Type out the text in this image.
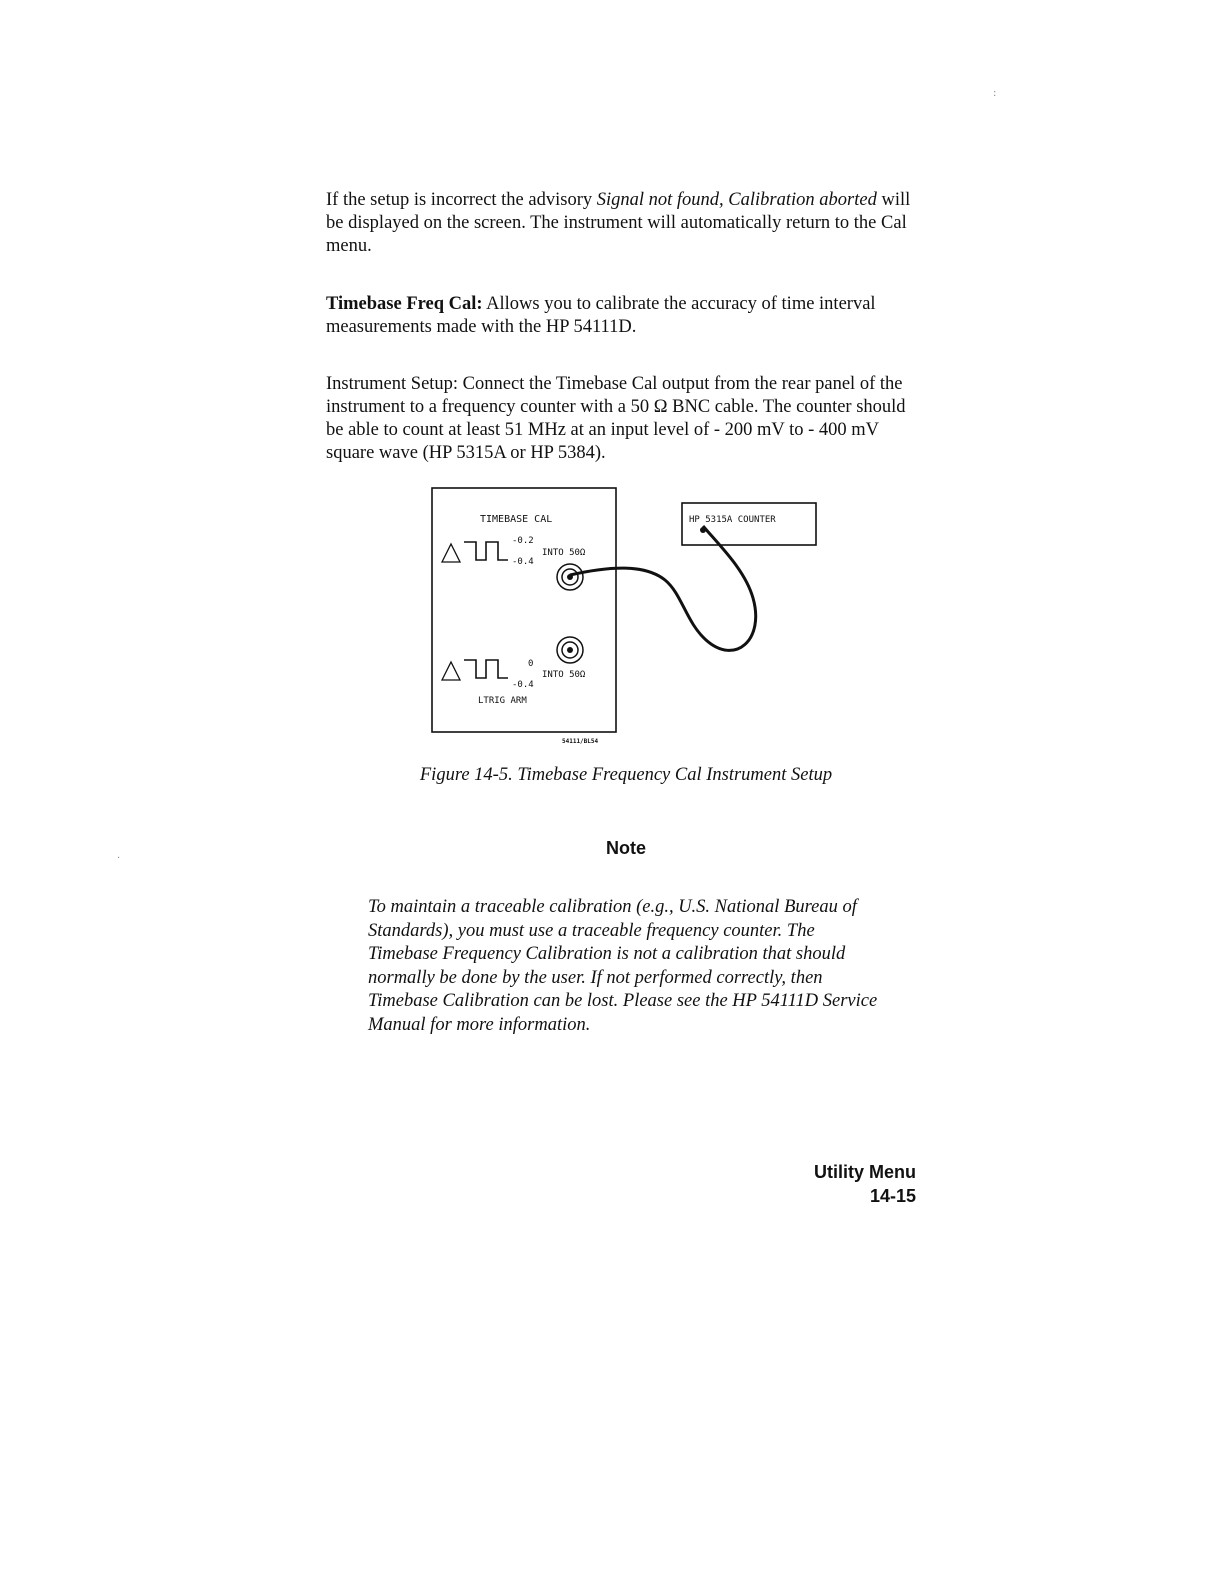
:
.

If the setup is incorrect the advisory Signal not found, Calibration aborted will be displayed on the screen. The instrument will automatically return to the Cal menu.

Timebase Freq Cal: Allows you to calibrate the accuracy of time interval measurements made with the HP 54111D.

Instrument Setup: Connect the Timebase Cal output from the rear panel of the instrument to a frequency counter with a 50 Ω BNC cable. The counter should be able to count at least 51 MHz at an input level of - 200 mV to - 400 mV square wave (HP 5315A or HP 5384).

TIMEBASE CAL
-0.2
-0.4
INTO 50Ω
0
-0.4
INTO 50Ω
LTRIG ARM
HP 5315A COUNTER
54111/BL54
Figure 14-5. Timebase Frequency Cal Instrument Setup
Note

To maintain a traceable calibration (e.g., U.S. National Bureau of Standards), you must use a traceable frequency counter. The Timebase Frequency Calibration is not a calibration that should normally be done by the user. If not performed correctly, then Timebase Calibration can be lost. Please see the HP 54111D Service Manual for more information.

Utility Menu
14-15
